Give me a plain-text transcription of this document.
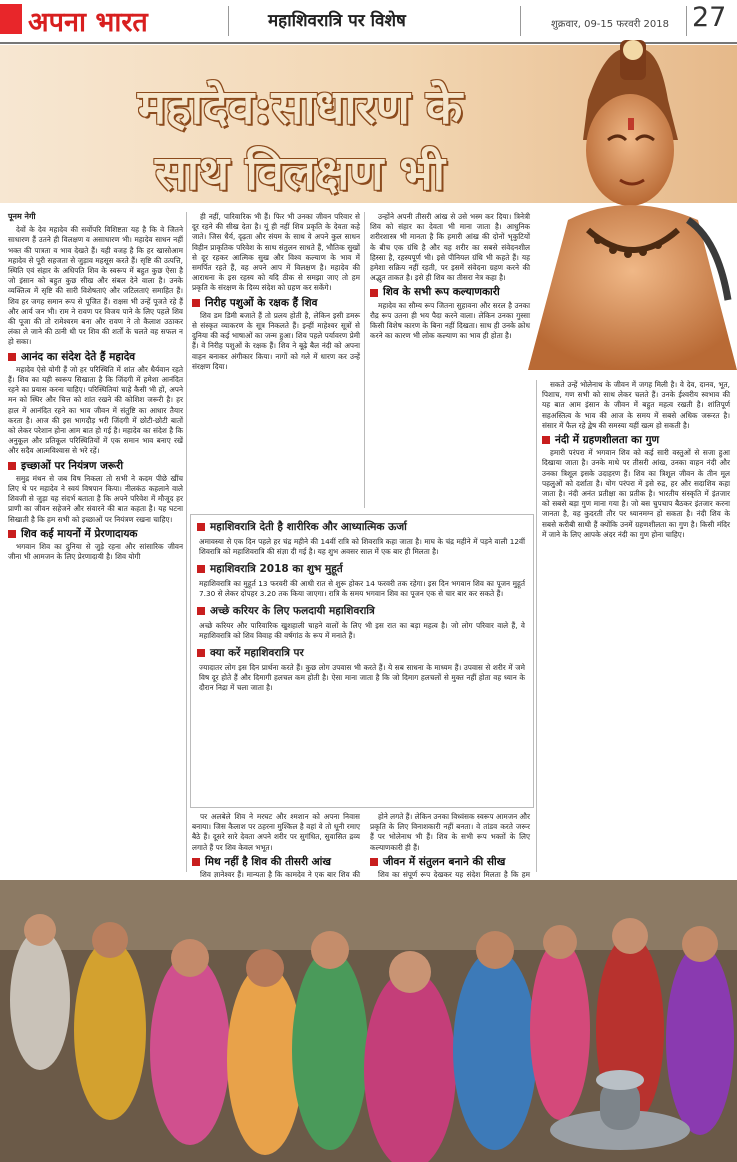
अपना भारत	महाशिवरात्रि पर विशेष	शुक्रवार, 09-15 फरवरी 2018 27
महादेव:साधारण के
साथ विलक्षण भी
पूनम नेगी

देवों के देव महादेव की सर्वोपरि विशिष्टता यह है कि वे जितने साधारण हैं उतने ही विलक्षण व असाधारण भी। महादेव साधन नहीं भक्त की पात्रता व भाव देखते हैं। यही वजह है कि हर खासोआम महादेव से पूरी सहजता से जुड़ाव महसूस करते हैं। सृष्टि की उत्पत्ति, स्थिति एवं संहार के अधिपति शिव के स्वरूप में बहुत कुछ ऐसा है जो इंसान को बहुत कुछ सीख और संबल देने वाला है। उनके व्यक्तित्व में सृष्टि की सारी विशेषताएं और जटिलताएं समाहित हैं। शिव हर जगह समान रूप से पूजित हैं। राक्षस भी उन्हें पूजते रहे हैं और आर्य जन भी। राम ने रावण पर विजय पाने के लिए पहले शिव की पूजा की तो रामेश्वरम बना और रावण ने तो कैलाश उठाकर लंका ले जाने की ठानी थी पर शिव की शर्तों के चलते वह सफल न हो सका।

आनंद का संदेश देते हैं महादेव

महादेव ऐसे योगी हैं जो हर परिस्थिति में शांत और धैर्यवान रहते हैं। शिव का यही स्वरूप सिखाता है कि जिंदगी में हमेशा आनंदित रहने का प्रयास करना चाहिए। परिस्थितियां चाहे कैसी भी हों, अपने मन को स्थिर और चित्त को शांत रखने की कोशिश जरूरी है। हर हाल में आनंदित रहने का भाव जीवन में संतुष्टि का आधार तैयार करता है। आज की इस भागदौड़ भरी जिंदगी में छोटी-छोटी बातों को लेकर परेशान होना आम बात हो गई है। महादेव का संदेश है कि अनुकूल और प्रतिकूल परिस्थितियों में एक समान भाव बनाए रखें और सदैव आत्मविश्वास से भरे रहें।

इच्छाओं पर नियंत्रण जरूरी

समुद्र मंथन से जब विष निकला तो सभी ने कदम पीछे खींच लिए थे पर महादेव ने स्वयं विषपान किया। नीलकंठ कहलाने वाले शिवजी से जुड़ा यह संदर्भ बताता है कि अपने परिवेश में मौजूद हर प्राणी का जीवन सहेजने और संवारने की बात कहता है। यह घटना सिखाती है कि हम सभी को इच्छाओं पर नियंत्रण रखना चाहिए।

शिव कई मायनों में प्रेरणादायक

भगवान शिव का दुनिया से जुड़े रहना और सांसारिक जीवन जीना भी आमजन के लिए प्रेरणादायी है। शिव योगी

ही नहीं, पारिवारिक भी हैं। फिर भी उनका जीवन परिवार से दूर रहने की सीख देता है। यूं ही नहीं शिव प्रकृति के देवता कहे जाते। जिस धैर्य, दृढ़ता और संयम के साथ वे अपने कुल साधन विहीन प्राकृतिक परिवेश के साथ संतुलन साधते हैं, भौतिक सुखों से दूर रहकर आत्मिक सुख और विश्व कल्याण के भाव में समर्पित रहते हैं, वह अपने आप में विलक्षण है। महादेव की आराधना के इस रहस्य को यदि ठीक से समझा जाए तो हम प्रकृति के संरक्षण के दिव्य संदेश को ग्रहण कर सकेंगे।

निरीह पशुओं के रक्षक हैं शिव

शिव डम डिमी बजाते हैं तो प्रलय होती है, लेकिन इसी डमरू से संस्कृत व्याकरण के सूत्र निकलते हैं। इन्हीं माहेश्वर सूत्रों से दुनिया की कई भाषाओं का जन्म हुआ। शिव पहले पर्यावरण प्रेमी हैं। वे निरीह पशुओं के रक्षक हैं। शिव ने बूढ़े बैल नंदी को अपना वाहन बनाकर अंगीकार किया। नागों को गले में धारण कर उन्हें संरक्षण दिया।

उन्होंने अपनी तीसरी आंख से उसे भस्म कर दिया। त्रिनेत्री शिव को संहार का देवता भी माना जाता है। आधुनिक शरीरशास्त्र भी मानता है कि हमारी आंख की दोनों भृकुटियों के बीच एक ग्रंथि है और यह शरीर का सबसे संवेदनशील हिस्सा है, रहस्यपूर्ण भी। इसे पीनियल ग्रंथि भी कहते हैं। यह हमेशा सक्रिय नहीं रहती, पर इसमें संवेदना ग्रहण करने की अद्भुत ताकत है। इसे ही शिव का तीसरा नेत्र कहा है।

शिव के सभी रूप कल्याणकारी

महादेव का सौम्य रूप जितना सुहावना और सरल है उनका रौद्र रूप उतना ही भय पैदा करने वाला। लेकिन उनका गुस्सा किसी विशेष कारण के बिना नहीं दिखता। साथ ही उनके क्रोध करने का कारण भी लोक कल्याण का भाव ही होता है।

सकते उन्हें भोलेनाथ के जीवन में जगह मिली है। वे देव, दानव, भूत, पिशाच, गण सभी को साथ लेकर चलते हैं। उनके ईश्वरीय स्वभाव की यह बात आम इंसान के जीवन में बहुत महत्व रखती है। शांतिपूर्ण सहअस्तित्व के भाव की आज के समय में सबसे अधिक जरूरत है। संसार में फैल रहे द्वेष की समस्या यहीं खत्म हो सकती है।

नंदी में ग्रहणशीलता का गुण

हमारी परंपरा में भगवान शिव को कई सारी वस्तुओं से सजा हुआ दिखाया जाता है। उनके माथे पर तीसरी आंख, उनका वाहन नंदी और उनका त्रिशूल इसके उदाहरण हैं। शिव का त्रिशूल जीवन के तीन मूल पहलुओं को दर्शाता है। योग परंपरा में इसे रुद्र, हर और सदाशिव कहा जाता है। नंदी अनंत प्रतीक्षा का प्रतीक है। भारतीय संस्कृति में इंतजार को सबसे बड़ा गुण माना गया है। जो बस चुपचाप बैठकर इंतजार करना जानता है, वह कुदरती तौर पर ध्यानमग्न हो सकता है। नंदी शिव के सबसे करीबी साथी हैं क्योंकि उनमें ग्रहणशीलता का गुण है। किसी मंदिर में जाने के लिए आपके अंदर नंदी का गुण होना चाहिए।

महाशिवरात्रि देती है शारीरिक और आध्यात्मिक ऊर्जा
अमावस्या से एक दिन पहले हर चंद्र महीने की 14वीं रात्रि को शिवरात्रि कहा जाता है। माघ के चंद्र महीने में पड़ने वाली 12वीं शिवरात्रि को महाशिवरात्रि की संज्ञा दी गई है। यह शुभ अवसर साल में एक बार ही मिलता है।
महाशिवरात्रि 2018 का शुभ मुहूर्त
महाशिवरात्रि का मुहूर्त 13 फरवरी की आधी रात से शुरू होकर 14 फरवरी तक रहेगा। इस दिन भगवान शिव का पूजन मुहूर्त 7.30 से लेकर दोपहर 3.20 तक किया जाएगा। रात्रि के समय भगवान शिव का पूजन एक से चार बार कर सकते हैं।
अच्छे करियर के लिए फलदायी महाशिवरात्रि
अच्छे करियर और पारिवारिक खुशहाली चाहने वालों के लिए भी इस रात का बड़ा महत्व है। जो लोग परिवार वाले हैं, वे महाशिवरात्रि को शिव विवाह की वर्षगांठ के रूप में मनाते हैं।
क्या करें महाशिवरात्रि पर
ज्यादातर लोग इस दिन प्रार्थना करते हैं। कुछ लोग उपवास भी करते हैं। ये सब साधना के माध्यम हैं। उपवास से शरीर में जमे विष दूर होते हैं और दिमागी हलचल कम होती है। ऐसा माना जाता है कि जो दिमाग हलचलों से मुक्त नहीं होता वह ध्यान के दौरान निद्रा में चला जाता है।

पर अलबेले शिव ने मरघट और श्मशान को अपना निवास बनाया। जिस कैलाश पर ठहरना मुश्किल है वहां वे तो धूनी रमाए बैठे हैं। दूसरे सारे देवता अपने शरीर पर सुगंधित, सुवासित द्रव्य लगाते हैं पर शिव केवल भभूत।

मिथ नहीं है शिव की तीसरी आंख

शिव ज्ञानेश्वर हैं। मान्यता है कि कामदेव ने एक बार शिव की

होने लगते हैं। लेकिन उनका विध्वंसक स्वरूप आमजन और प्रकृति के लिए विनाशकारी नहीं बनता। वे तांडव करते जरूर हैं पर भोलेनाथ भी हैं। शिव के सभी रूप भक्तों के लिए कल्याणकारी ही हैं।

जीवन में संतुलन बनाने की सीख

शिव का संपूर्ण रूप देखकर यह संदेश मिलता है कि हम
